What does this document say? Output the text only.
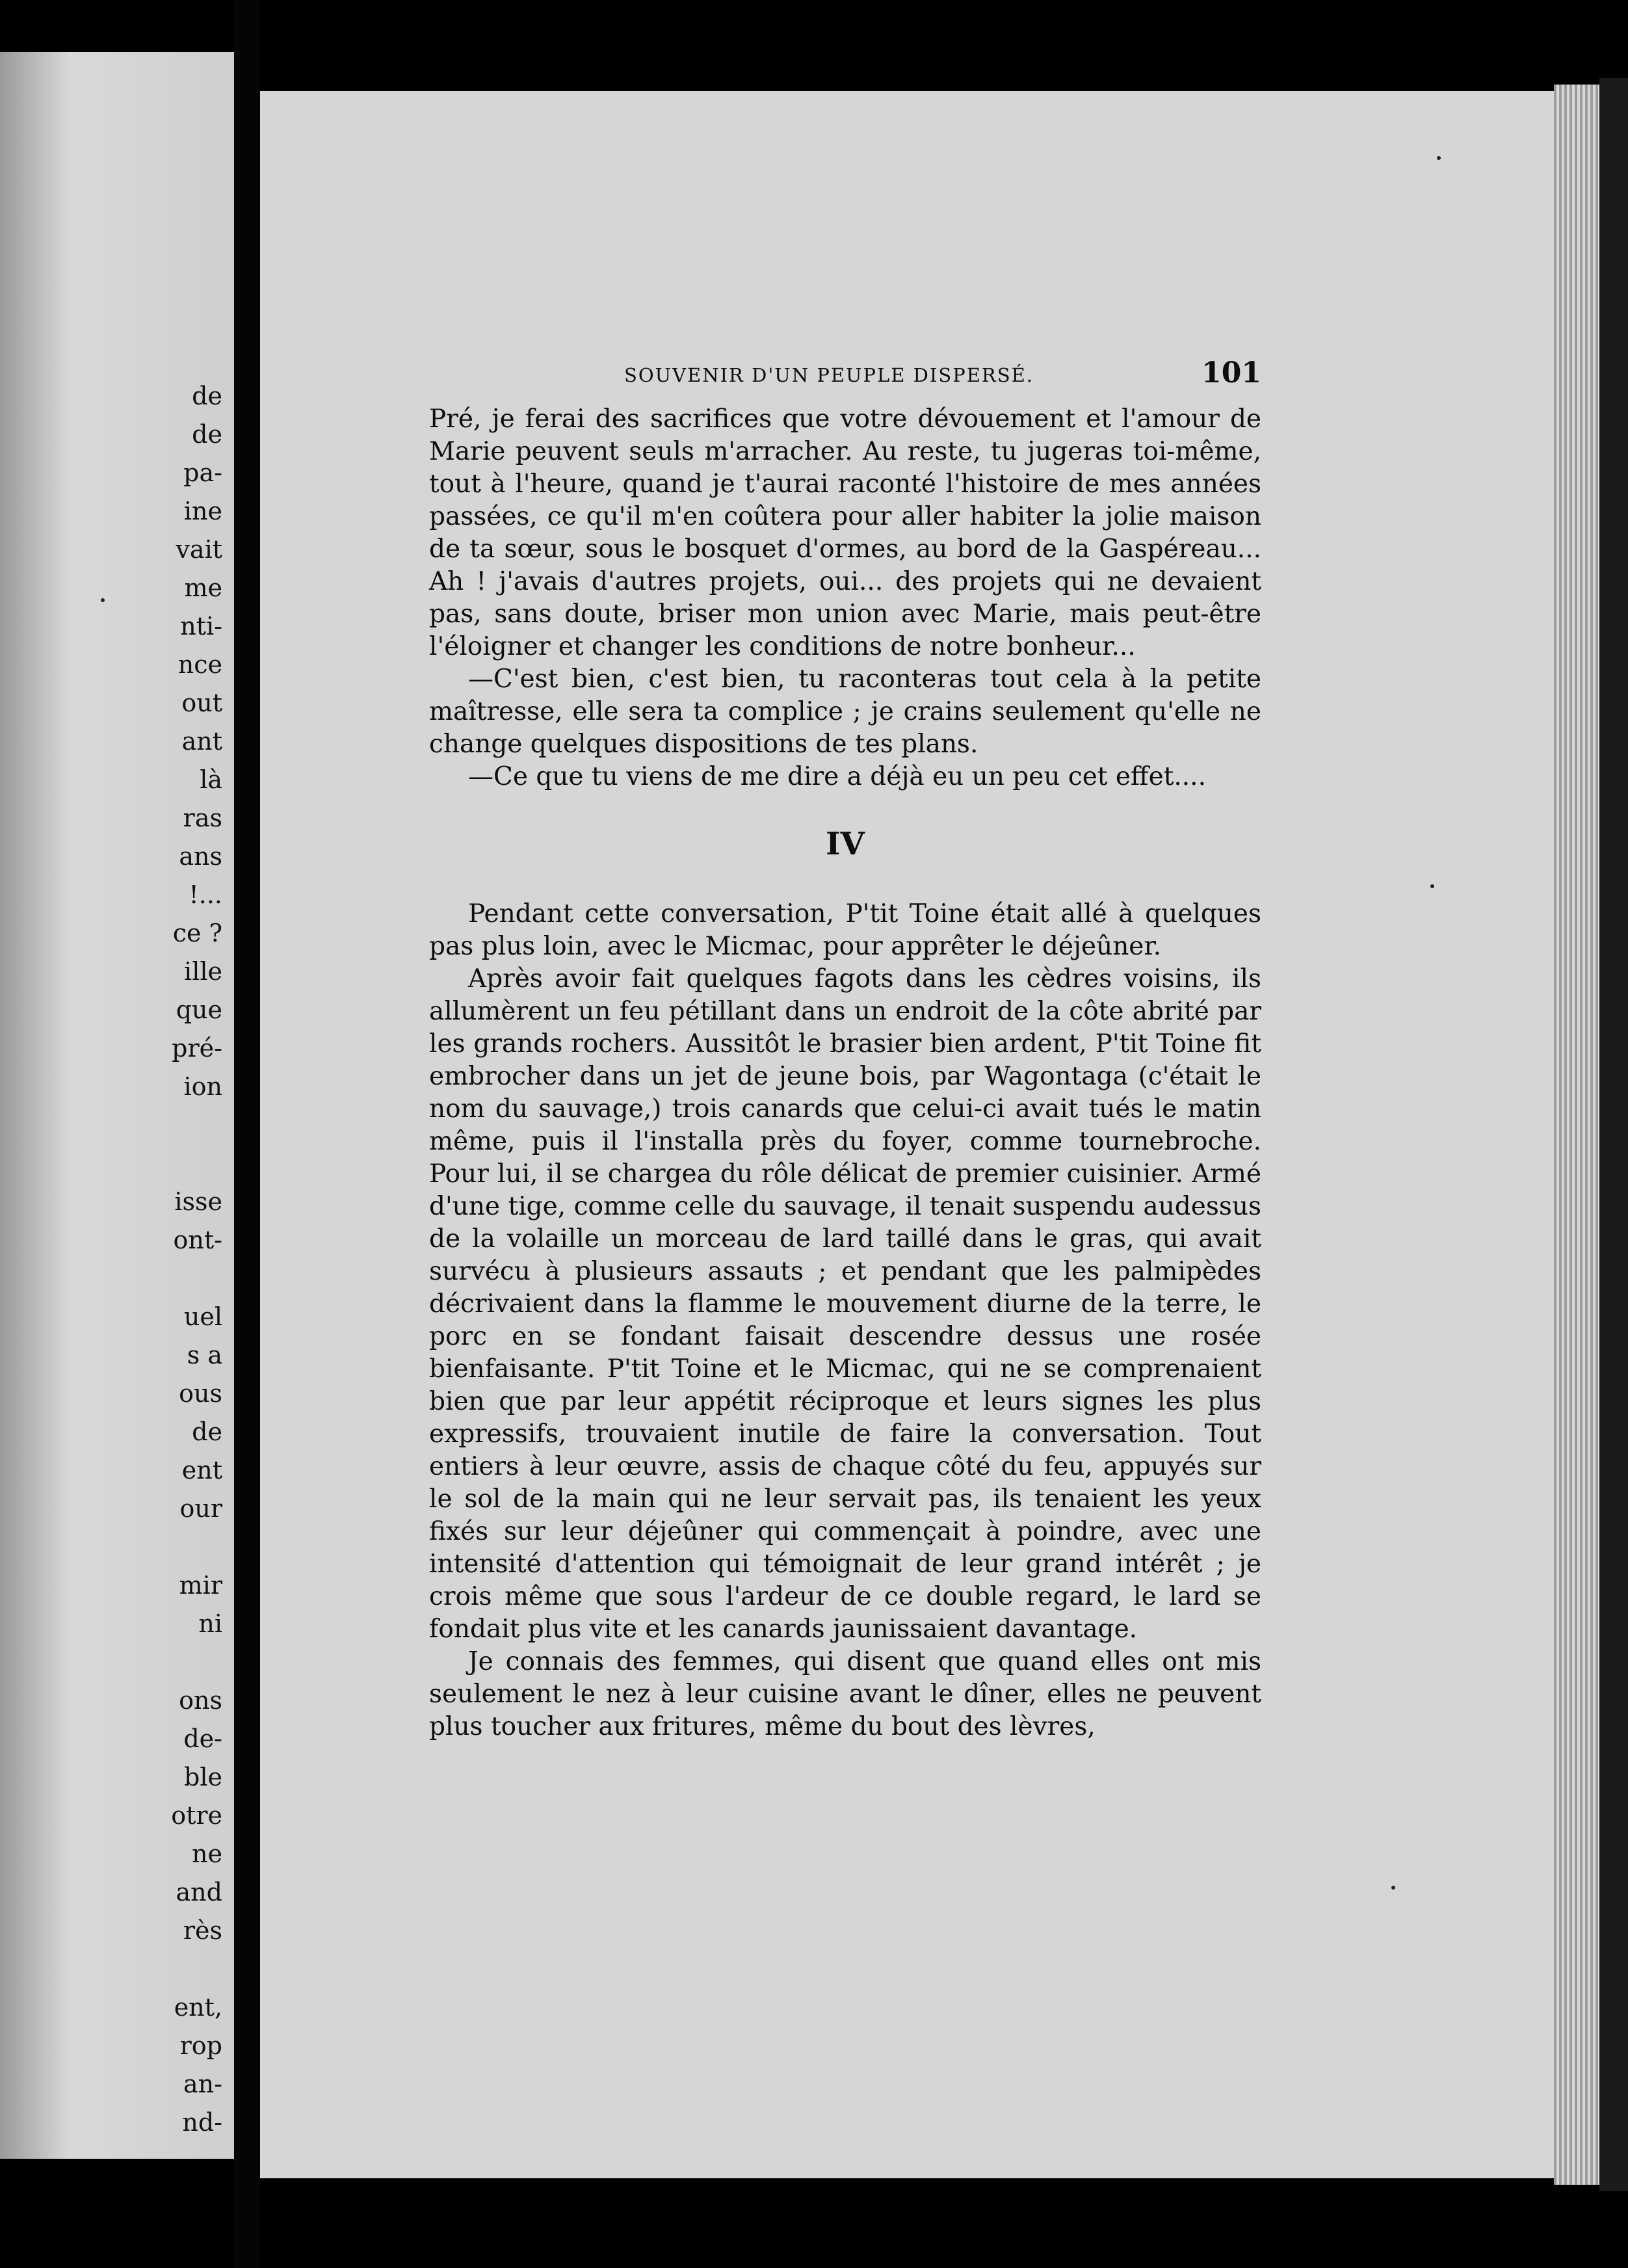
de
de
pa-
ine
vait
me
nti-
nce
out
ant
là
ras
ans
!...
ce ?
ille
que
pré-
ion

isse
ont-

uel
s a
ous
de
ent
our

mir
ni

ons
de-
ble
otre
ne
and
rès

ent,
rop
an-
nd-
SOUVENIR D'UN PEUPLE DISPERSÉ.	101

Pré, je ferai des sacrifices que votre dévouement et l'amour de Marie peuvent seuls m'arracher. Au reste, tu jugeras toi-même, tout à l'heure, quand je t'aurai raconté l'histoire de mes années passées, ce qu'il m'en coûtera pour aller habiter la jolie maison de ta sœur, sous le bosquet d'ormes, au bord de la Gaspéreau... Ah ! j'avais d'autres projets, oui... des projets qui ne devaient pas, sans doute, briser mon union avec Marie, mais peut-être l'éloigner et changer les conditions de notre bonheur...

—C'est bien, c'est bien, tu raconteras tout cela à la petite maîtresse, elle sera ta complice ; je crains seulement qu'elle ne change quelques dispositions de tes plans.

—Ce que tu viens de me dire a déjà eu un peu cet effet....

IV

Pendant cette conversation, P'tit Toine était allé à quelques pas plus loin, avec le Micmac, pour apprêter le déjeûner.

Après avoir fait quelques fagots dans les cèdres voisins, ils allumèrent un feu pétillant dans un endroit de la côte abrité par les grands rochers. Aussitôt le brasier bien ardent, P'tit Toine fit embrocher dans un jet de jeune bois, par Wagontaga (c'était le nom du sauvage,) trois canards que celui-ci avait tués le matin même, puis il l'installa près du foyer, comme tournebroche. Pour lui, il se chargea du rôle délicat de premier cuisinier. Armé d'une tige, comme celle du sauvage, il tenait suspendu audessus de la volaille un morceau de lard taillé dans le gras, qui avait survécu à plusieurs assauts ; et pendant que les palmipèdes décrivaient dans la flamme le mouvement diurne de la terre, le porc en se fondant faisait descendre dessus une rosée bienfaisante. P'tit Toine et le Micmac, qui ne se comprenaient bien que par leur appétit réciproque et leurs signes les plus expressifs, trouvaient inutile de faire la conversation. Tout entiers à leur œuvre, assis de chaque côté du feu, appuyés sur le sol de la main qui ne leur servait pas, ils tenaient les yeux fixés sur leur déjeûner qui commençait à poindre, avec une intensité d'attention qui témoignait de leur grand intérêt ; je crois même que sous l'ardeur de ce double regard, le lard se fondait plus vite et les canards jaunissaient davantage.

Je connais des femmes, qui disent que quand elles ont mis seulement le nez à leur cuisine avant le dîner, elles ne peuvent plus toucher aux fritures, même du bout des lèvres,
